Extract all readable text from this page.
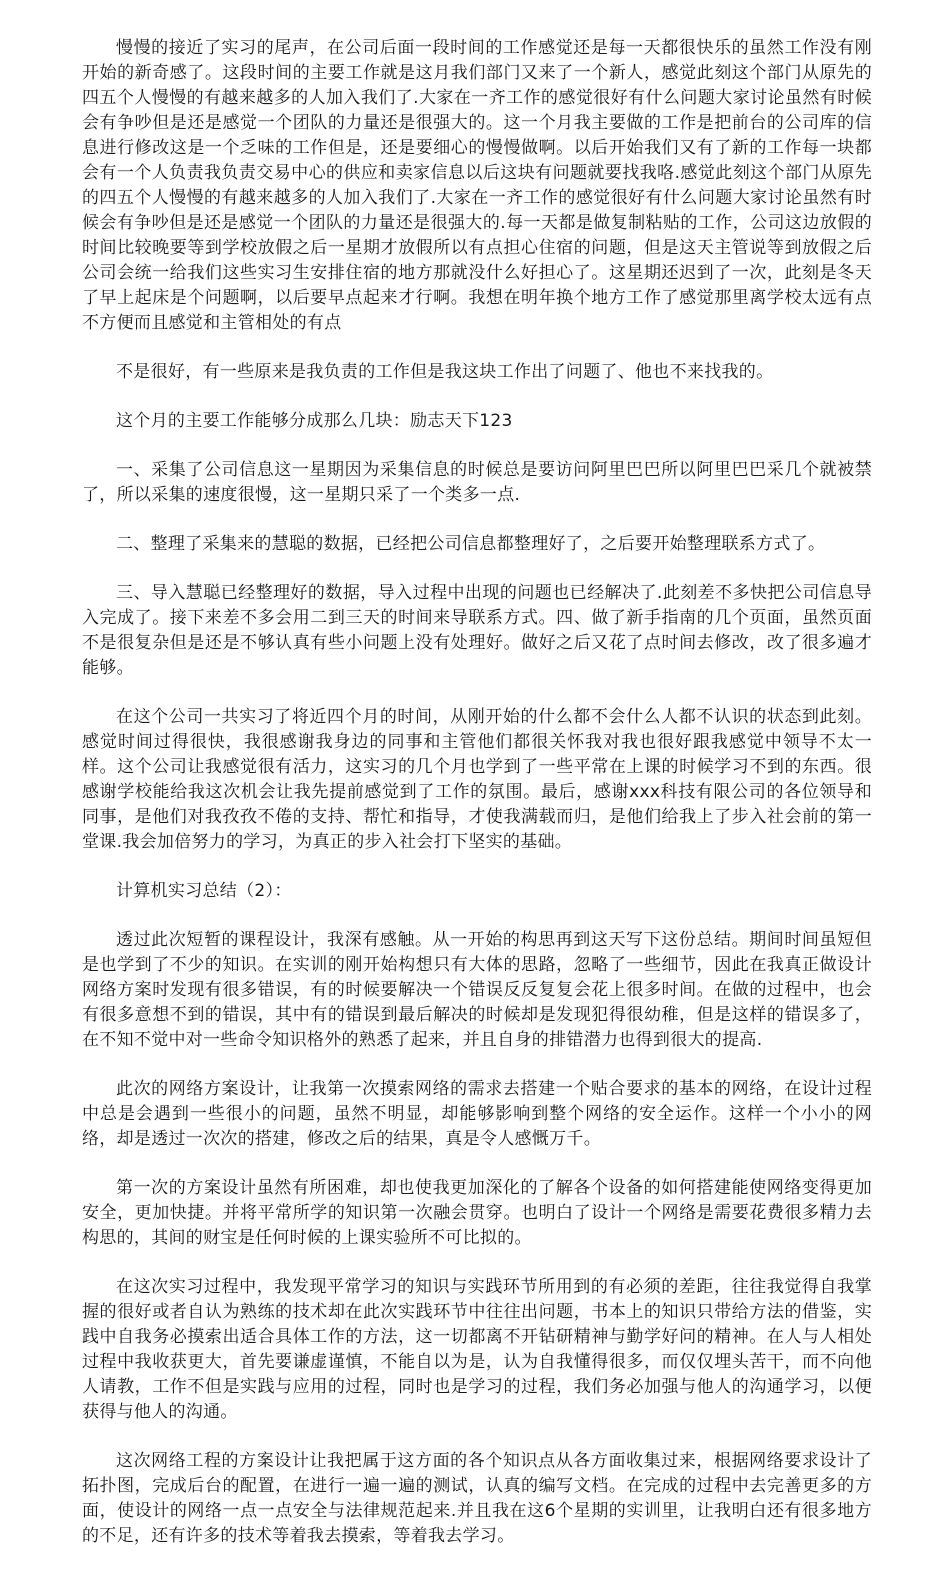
慢慢的接近了实习的尾声，在公司后面一段时间的工作感觉还是每一天都很快乐的虽然工作没有刚开始的新奇感了。这段时间的主要工作就是这月我们部门又来了一个新人，感觉此刻这个部门从原先的四五个人慢慢的有越来越多的人加入我们了.大家在一齐工作的感觉很好有什么问题大家讨论虽然有时候会有争吵但是还是感觉一个团队的力量还是很强大的。这一个月我主要做的工作是把前台的公司库的信息进行修改这是一个乏味的工作但是，还是要细心的慢慢做啊。以后开始我们又有了新的工作每一块都会有一个人负责我负责交易中心的供应和卖家信息以后这块有问题就要找我咯.感觉此刻这个部门从原先的四五个人慢慢的有越来越多的人加入我们了.大家在一齐工作的感觉很好有什么问题大家讨论虽然有时候会有争吵但是还是感觉一个团队的力量还是很强大的.每一天都是做复制粘贴的工作，公司这边放假的时间比较晚要等到学校放假之后一星期才放假所以有点担心住宿的问题，但是这天主管说等到放假之后公司会统一给我们这些实习生安排住宿的地方那就没什么好担心了。这星期还迟到了一次，此刻是冬天了早上起床是个问题啊，以后要早点起来才行啊。我想在明年换个地方工作了感觉那里离学校太远有点不方便而且感觉和主管相处的有点

不是很好，有一些原来是我负责的工作但是我这块工作出了问题了、他也不来找我的。

这个月的主要工作能够分成那么几块：励志天下123

一、采集了公司信息这一星期因为采集信息的时候总是要访问阿里巴巴所以阿里巴巴采几个就被禁了，所以采集的速度很慢，这一星期只采了一个类多一点.

二、整理了采集来的慧聪的数据，已经把公司信息都整理好了，之后要开始整理联系方式了。

三、导入慧聪已经整理好的数据，导入过程中出现的问题也已经解决了.此刻差不多快把公司信息导入完成了。接下来差不多会用二到三天的时间来导联系方式。四、做了新手指南的几个页面，虽然页面不是很复杂但是还是不够认真有些小问题上没有处理好。做好之后又花了点时间去修改，改了很多遍才能够。

在这个公司一共实习了将近四个月的时间，从刚开始的什么都不会什么人都不认识的状态到此刻。感觉时间过得很快，我很感谢我身边的同事和主管他们都很关怀我对我也很好跟我感觉中领导不太一样。这个公司让我感觉很有活力，这实习的几个月也学到了一些平常在上课的时候学习不到的东西。很感谢学校能给我这次机会让我先提前感觉到了工作的氛围。最后，感谢xxx科技有限公司的各位领导和同事，是他们对我孜孜不倦的支持、帮忙和指导，才使我满载而归，是他们给我上了步入社会前的第一堂课.我会加倍努力的学习，为真正的步入社会打下坚实的基础。

计算机实习总结（2）：

透过此次短暂的课程设计，我深有感触。从一开始的构思再到这天写下这份总结。期间时间虽短但是也学到了不少的知识。在实训的刚开始构想只有大体的思路，忽略了一些细节，因此在我真正做设计网络方案时发现有很多错误，有的时候要解决一个错误反反复复会花上很多时间。在做的过程中，也会有很多意想不到的错误，其中有的错误到最后解决的时候却是发现犯得很幼稚，但是这样的错误多了，在不知不觉中对一些命令知识格外的熟悉了起来，并且自身的排错潜力也得到很大的提高.

此次的网络方案设计，让我第一次摸索网络的需求去搭建一个贴合要求的基本的网络，在设计过程中总是会遇到一些很小的问题，虽然不明显，却能够影响到整个网络的安全运作。这样一个小小的网络，却是透过一次次的搭建，修改之后的结果，真是令人感慨万千。

第一次的方案设计虽然有所困难，却也使我更加深化的了解各个设备的如何搭建能使网络变得更加安全，更加快捷。并将平常所学的知识第一次融会贯穿。也明白了设计一个网络是需要花费很多精力去构思的，其间的财宝是任何时候的上课实验所不可比拟的。

在这次实习过程中，我发现平常学习的知识与实践环节所用到的有必须的差距，往往我觉得自我掌握的很好或者自认为熟练的技术却在此次实践环节中往往出问题，书本上的知识只带给方法的借鉴，实践中自我务必摸索出适合具体工作的方法，这一切都离不开钻研精神与勤学好问的精神。在人与人相处过程中我收获更大，首先要谦虚谨慎，不能自以为是，认为自我懂得很多，而仅仅埋头苦干，而不向他人请教，工作不但是实践与应用的过程，同时也是学习的过程，我们务必加强与他人的沟通学习，以便获得与他人的沟通。

这次网络工程的方案设计让我把属于这方面的各个知识点从各方面收集过来，根据网络要求设计了拓扑图，完成后台的配置，在进行一遍一遍的测试，认真的编写文档。在完成的过程中去完善更多的方面，使设计的网络一点一点安全与法律规范起来.并且我在这6个星期的实训里，让我明白还有很多地方的不足，还有许多的技术等着我去摸索，等着我去学习。
